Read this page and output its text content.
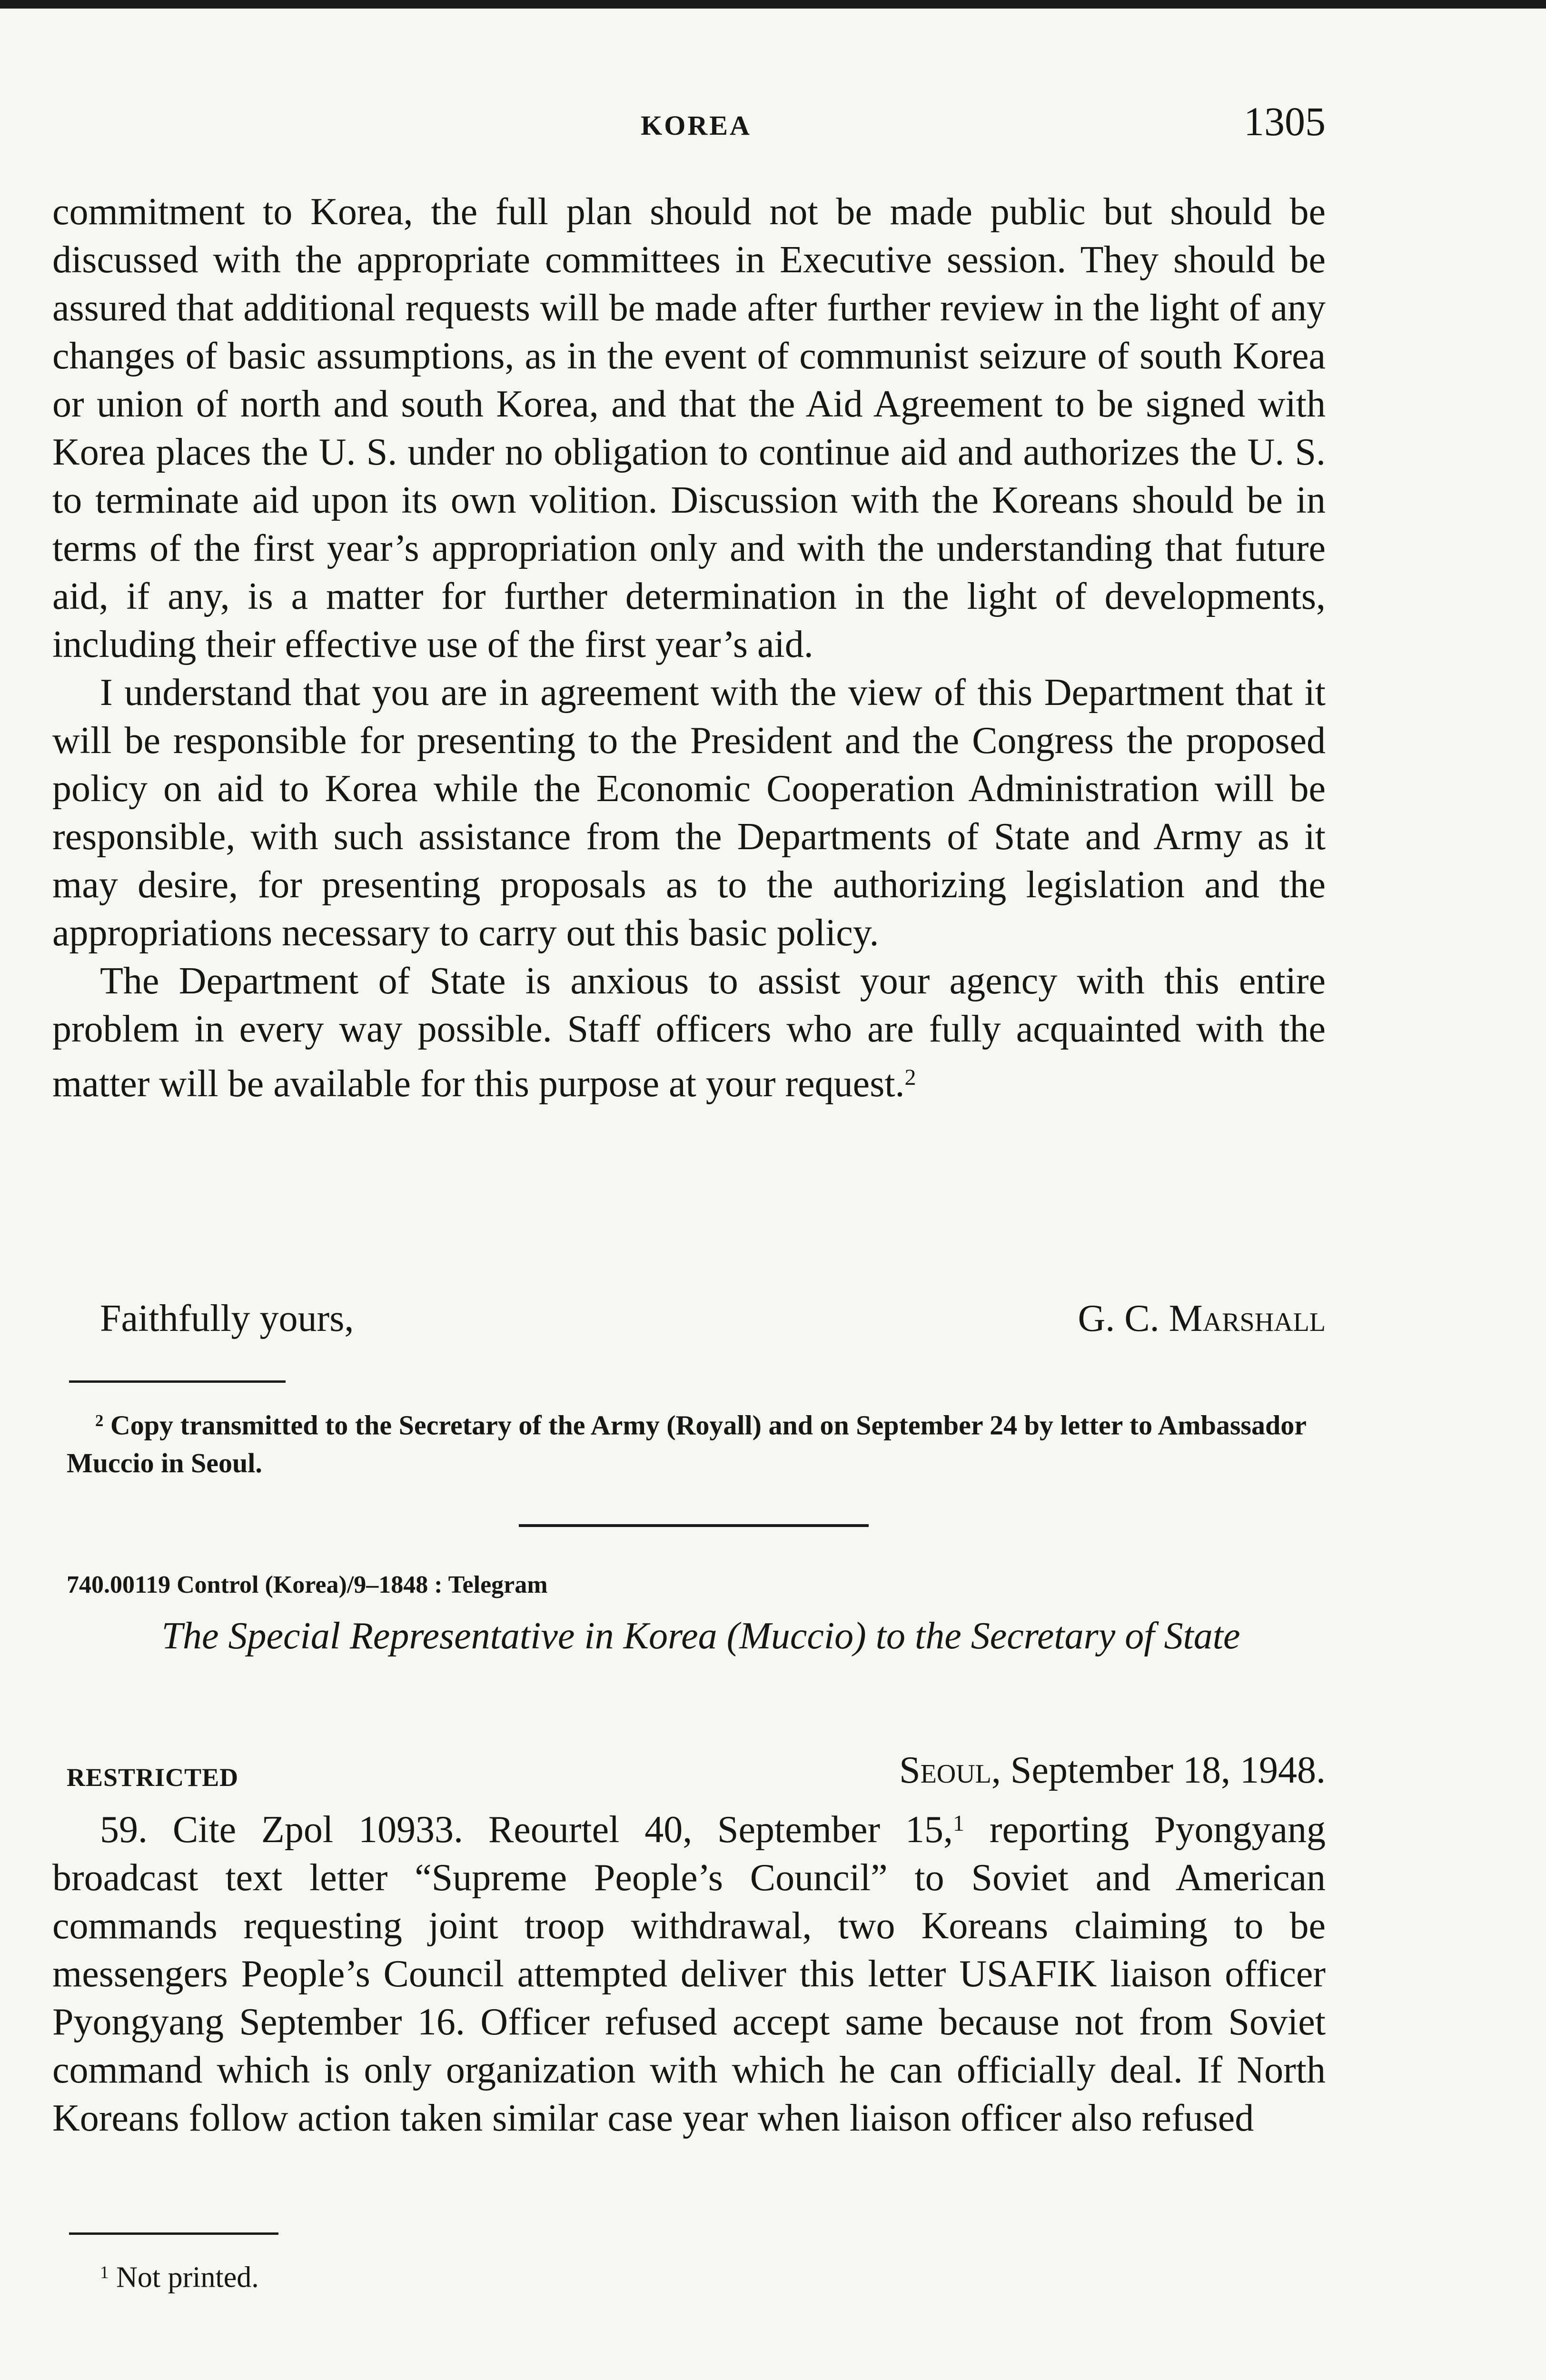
KOREA	1305

commitment to Korea, the full plan should not be made public but should be discussed with the appropriate committees in Executive session. They should be assured that additional requests will be made after further review in the light of any changes of basic assumptions, as in the event of communist seizure of south Korea or union of north and south Korea, and that the Aid Agreement to be signed with Korea places the U. S. under no obligation to continue aid and authorizes the U. S. to terminate aid upon its own volition. Discussion with the Koreans should be in terms of the first year’s appropriation only and with the understanding that future aid, if any, is a matter for further determination in the light of developments, including their effective use of the first year’s aid.

I understand that you are in agreement with the view of this Department that it will be responsible for presenting to the President and the Congress the proposed policy on aid to Korea while the Economic Cooperation Administration will be responsible, with such assistance from the Departments of State and Army as it may desire, for presenting proposals as to the authorizing legislation and the appropriations necessary to carry out this basic policy.

The Department of State is anxious to assist your agency with this entire problem in every way possible. Staff officers who are fully acquainted with the matter will be available for this purpose at your request.$^2$

Faithfully yours,	G. C. Marshall
$^2$ Copy transmitted to the Secretary of the Army (Royall) and on September 24 by letter to Ambassador Muccio in Seoul.
740.00119 Control (Korea)/9–1848 : Telegram
The Special Representative in Korea (Muccio) to the Secretary of State
RESTRICTED	Seoul, September 18, 1948.

59. Cite Zpol 10933. Reourtel 40, September 15,$^1$ reporting Pyongyang broadcast text letter “Supreme People’s Council” to Soviet and American commands requesting joint troop withdrawal, two Koreans claiming to be messengers People’s Council attempted deliver this letter USAFIK liaison officer Pyongyang September 16. Officer refused accept same because not from Soviet command which is only organization with which he can officially deal. If North Koreans follow action taken similar case year when liaison officer also refused

$^1$ Not printed.
